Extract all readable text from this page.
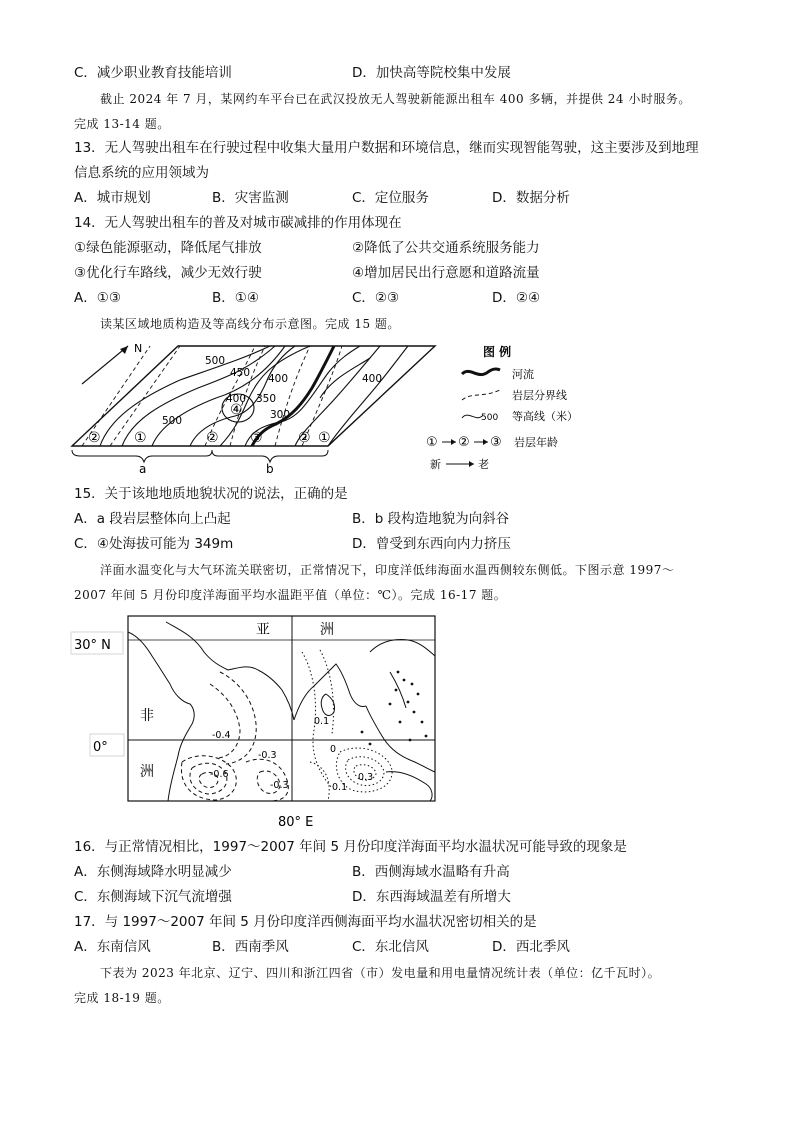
C．减少职业教育技能培训	D．加快高等院校集中发展
截止 2024 年 7 月，某网约车平台已在武汉投放无人驾驶新能源出租车 400 多辆，并提供 24 小时服务。
完成 13-14 题。
13．无人驾驶出租车在行驶过程中收集大量用户数据和环境信息，继而实现智能驾驶，这主要涉及到地理
信息系统的应用领域为
A．城市规划	B．灾害监测	C．定位服务	D．数据分析
14．无人驾驶出租车的普及对城市碳减排的作用体现在
①绿色能源驱动，降低尾气排放	②降低了公共交通系统服务能力
③优化行车路线，减少无效行驶	④增加居民出行意愿和道路流量
A．①③	B．①④	C．②③	D．②④
读某区域地质构造及等高线分布示意图。完成 15 题。
N
500
450 400
350
400
500
400
300
② ①	② ③	② ①
④
a	b
图 例
河流
岩层分界线
500 等高线（米）
① ② ③ 岩层年龄
新	老
15．关于该地地质地貌状况的说法，正确的是
A．a 段岩层整体向上凸起	B．b 段构造地貌为向斜谷
C．④处海拔可能为 349m	D．曾受到东西向内力挤压
洋面水温变化与大气环流关联密切，正常情况下，印度洋低纬海面水温西侧较东侧低。下图示意 1997～
2007 年间 5 月份印度洋海面平均水温距平值（单位：℃）。完成 16-17 题。
30° N
0°
80° E
亚	洲
非
洲
-0.4
-0.6
-0.3
-0.3
0.1
0
0.3
0.1
16．与正常情况相比，1997～2007 年间 5 月份印度洋海面平均水温状况可能导致的现象是
A．东侧海域降水明显减少	B．西侧海域水温略有升高
C．东侧海域下沉气流增强	D．东西海域温差有所增大
17．与 1997～2007 年间 5 月份印度洋西侧海面平均水温状况密切相关的是
A．东南信风	B．西南季风	C．东北信风	D．西北季风
下表为 2023 年北京、辽宁、四川和浙江四省（市）发电量和用电量情况统计表（单位：亿千瓦时）。
完成 18-19 题。
